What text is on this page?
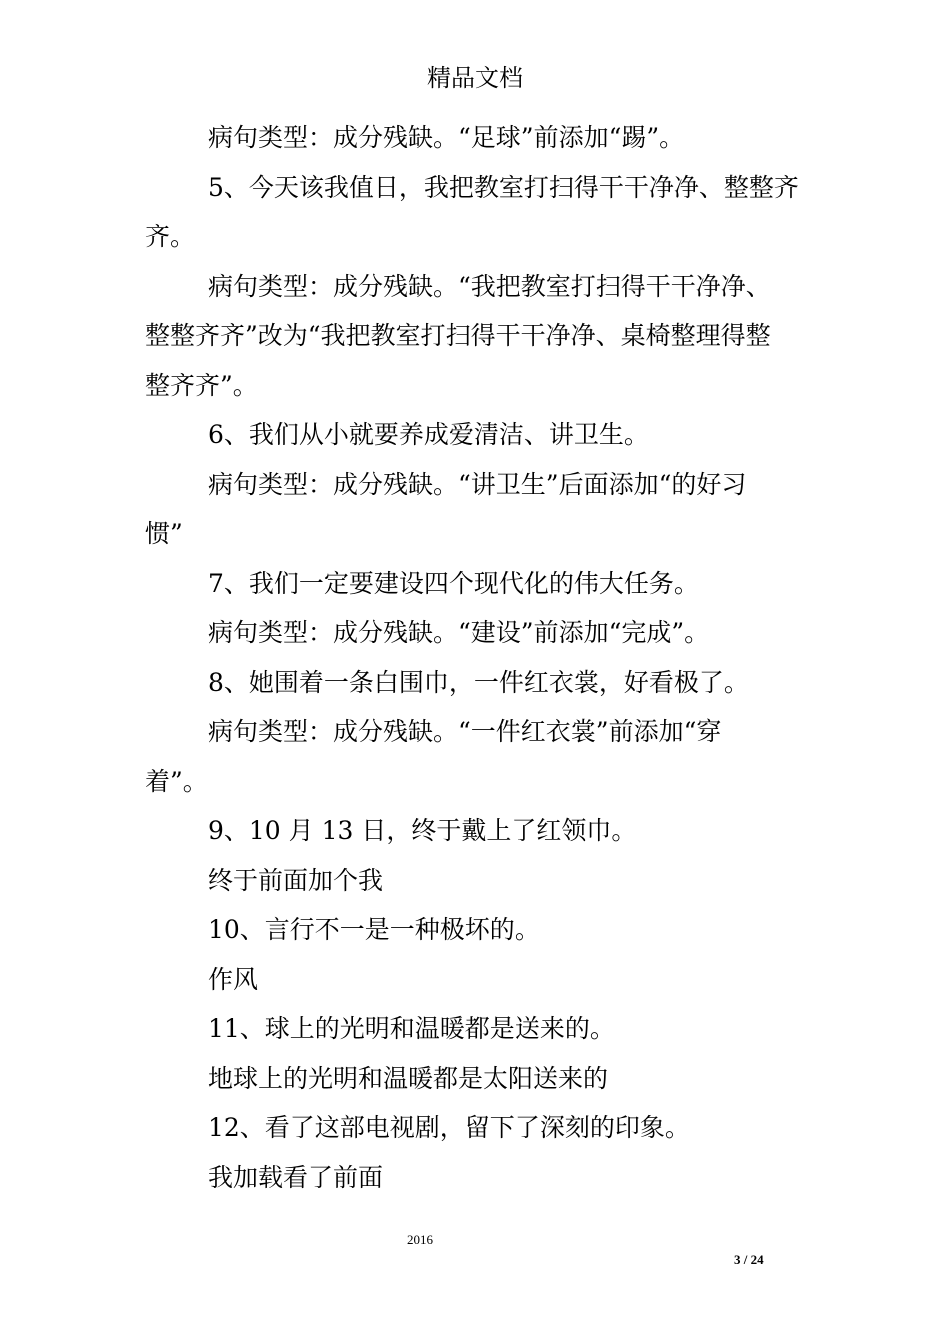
精品文档
病句类型：成分残缺。“足球”前添加“踢”。
5、今天该我值日，我把教室打扫得干干净净、整整齐
齐。
病句类型：成分残缺。“我把教室打扫得干干净净、
整整齐齐”改为“我把教室打扫得干干净净、桌椅整理得整
整齐齐”。
6、我们从小就要养成爱清洁、讲卫生。
病句类型：成分残缺。“讲卫生”后面添加“的好习
惯”
7、我们一定要建设四个现代化的伟大任务。
病句类型：成分残缺。“建设”前添加“完成”。
8、她围着一条白围巾，一件红衣裳，好看极了。
病句类型：成分残缺。“一件红衣裳”前添加“穿
着”。
9、10 月 13 日，终于戴上了红领巾。
终于前面加个我
10、言行不一是一种极坏的。
作风
11、球上的光明和温暖都是送来的。
地球上的光明和温暖都是太阳送来的
12、看了这部电视剧，留下了深刻的印象。
我加载看了前面
2016
3 / 24
